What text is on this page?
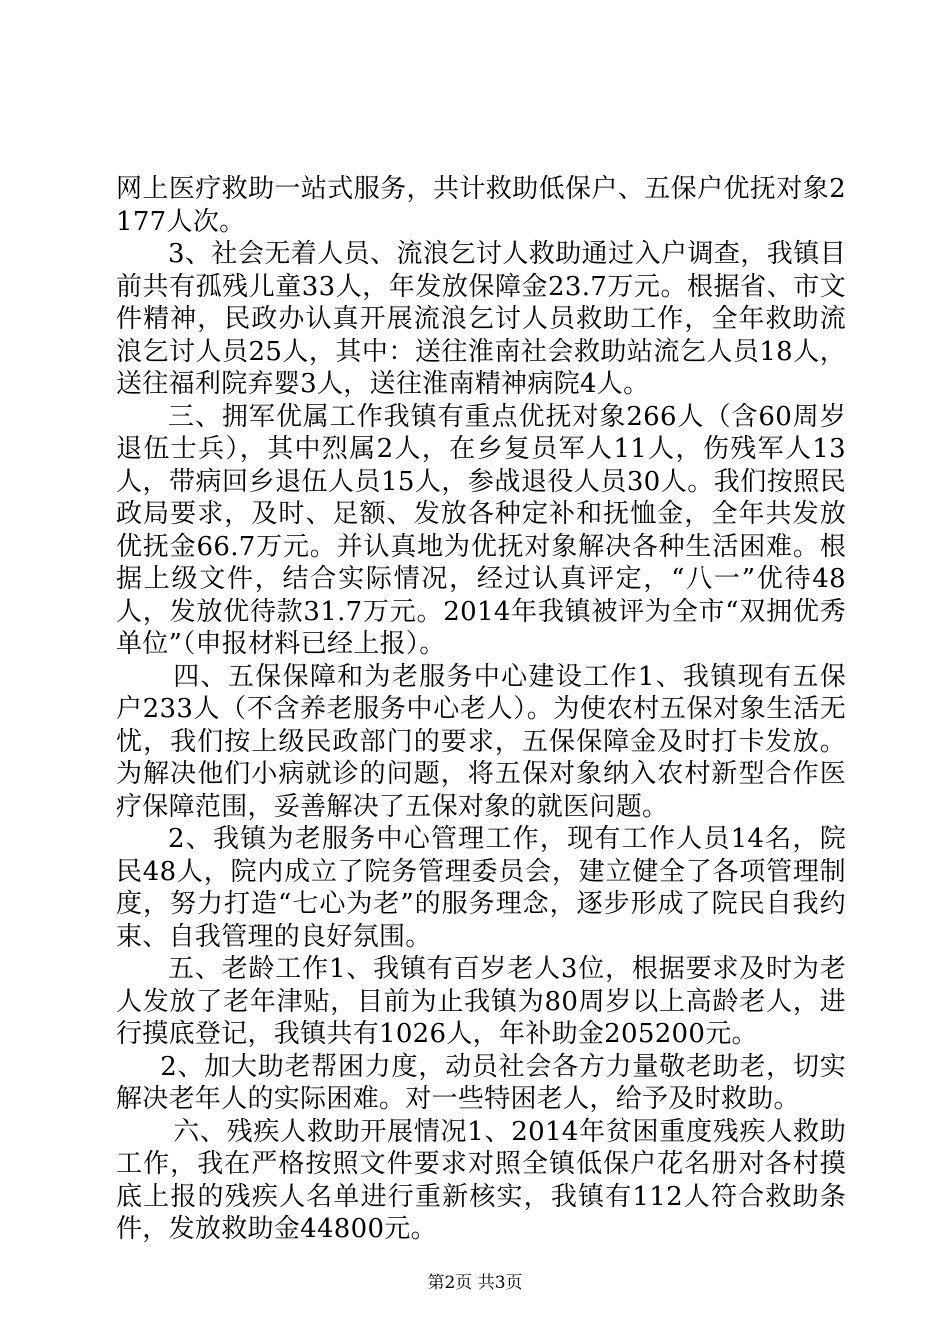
网上医疗救助一站式服务，共计救助低保户、五保户优抚对象2177人次。

3、社会无着人员、流浪乞讨人救助通过入户调查，我镇目前共有孤残儿童33人，年发放保障金23.7万元。根据省、市文件精神，民政办认真开展流浪乞讨人员救助工作，全年救助流浪乞讨人员25人，其中：送往淮南社会救助站流乞人员18人，送往福利院弃婴3人，送往淮南精神病院4人。

三、拥军优属工作我镇有重点优抚对象266人（含60周岁退伍士兵），其中烈属2人，在乡复员军人11人，伤残军人13人，带病回乡退伍人员15人，参战退役人员30人。我们按照民政局要求，及时、足额、发放各种定补和抚恤金，全年共发放优抚金66.7万元。并认真地为优抚对象解决各种生活困难。根据上级文件，结合实际情况，经过认真评定，“八一”优待48人，发放优待款31.7万元。2014年我镇被评为全市“双拥优秀单位”（申报材料已经上报）。

四、五保保障和为老服务中心建设工作1、我镇现有五保户233人（不含养老服务中心老人）。为使农村五保对象生活无忧，我们按上级民政部门的要求，五保保障金及时打卡发放。为解决他们小病就诊的问题，将五保对象纳入农村新型合作医疗保障范围，妥善解决了五保对象的就医问题。

2、我镇为老服务中心管理工作，现有工作人员14名，院民48人，院内成立了院务管理委员会，建立健全了各项管理制度，努力打造“七心为老”的服务理念，逐步形成了院民自我约束、自我管理的良好氛围。

五、老龄工作1、我镇有百岁老人3位，根据要求及时为老人发放了老年津贴，目前为止我镇为80周岁以上高龄老人，进行摸底登记，我镇共有1026人，年补助金205200元。

2、加大助老帮困力度，动员社会各方力量敬老助老，切实解决老年人的实际困难。对一些特困老人，给予及时救助。

六、残疾人救助开展情况1、2014年贫困重度残疾人救助工作，我在严格按照文件要求对照全镇低保户花名册对各村摸底上报的残疾人名单进行重新核实，我镇有112人符合救助条件，发放救助金44800元。

第2页 共3页
